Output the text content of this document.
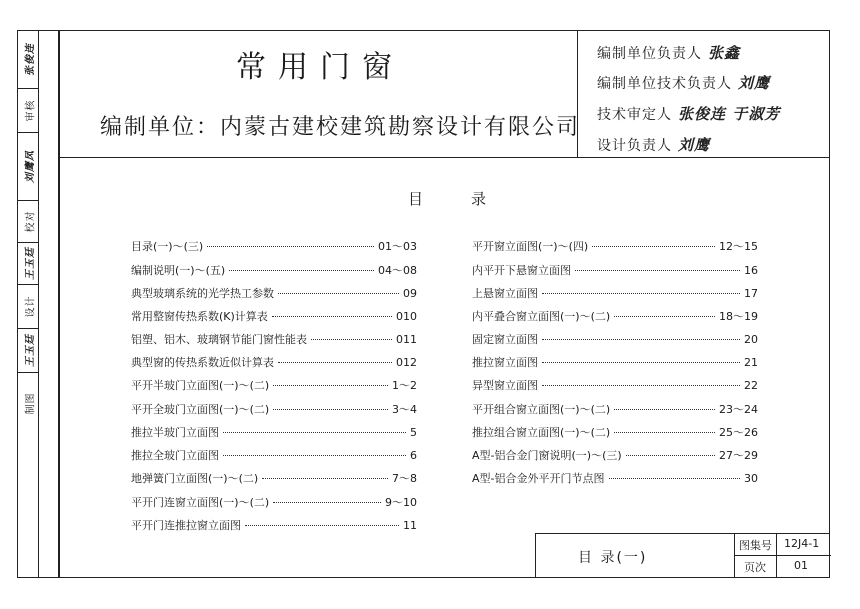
张俊连
审核
刘鹰凤
校对
王玉廷
设计
王玉廷
制图
常用门窗
编制单位：内蒙古建校建筑勘察设计有限公司
编制单位负责人 张鑫
编制单位技术负责人 刘鹰
技术审定人 张俊连 于淑芳
设计负责人 刘鹰
目	录
目录(一)～(三)	01～03
编制说明(一)～(五)	04～08
典型玻璃系统的光学热工参数	09
常用整窗传热系数(K)计算表	010
铝塑、铝木、玻璃钢节能门窗性能表	011
典型窗的传热系数近似计算表	012
平开半玻门立面图(一)～(二)	1～2
平开全玻门立面图(一)～(二)	3～4
推拉半玻门立面图	5
推拉全玻门立面图	6
地弹簧门立面图(一)～(二)	7～8
平开门连窗立面图(一)～(二)	9～10
平开门连推拉窗立面图	11
平开窗立面图(一)～(四)	12～15
内平开下悬窗立面图	16
上悬窗立面图	17
内平叠合窗立面图(一)～(二)	18～19
固定窗立面图	20
推拉窗立面图	21
异型窗立面图	22
平开组合窗立面图(一)～(二)	23～24
推拉组合窗立面图(一)～(二)	25～26
A型-铝合金门窗说明(一)～(三)	27～29
A型-铝合金外平开门节点图	30
目 录(一)
图集号 12J4-1
页次	01
